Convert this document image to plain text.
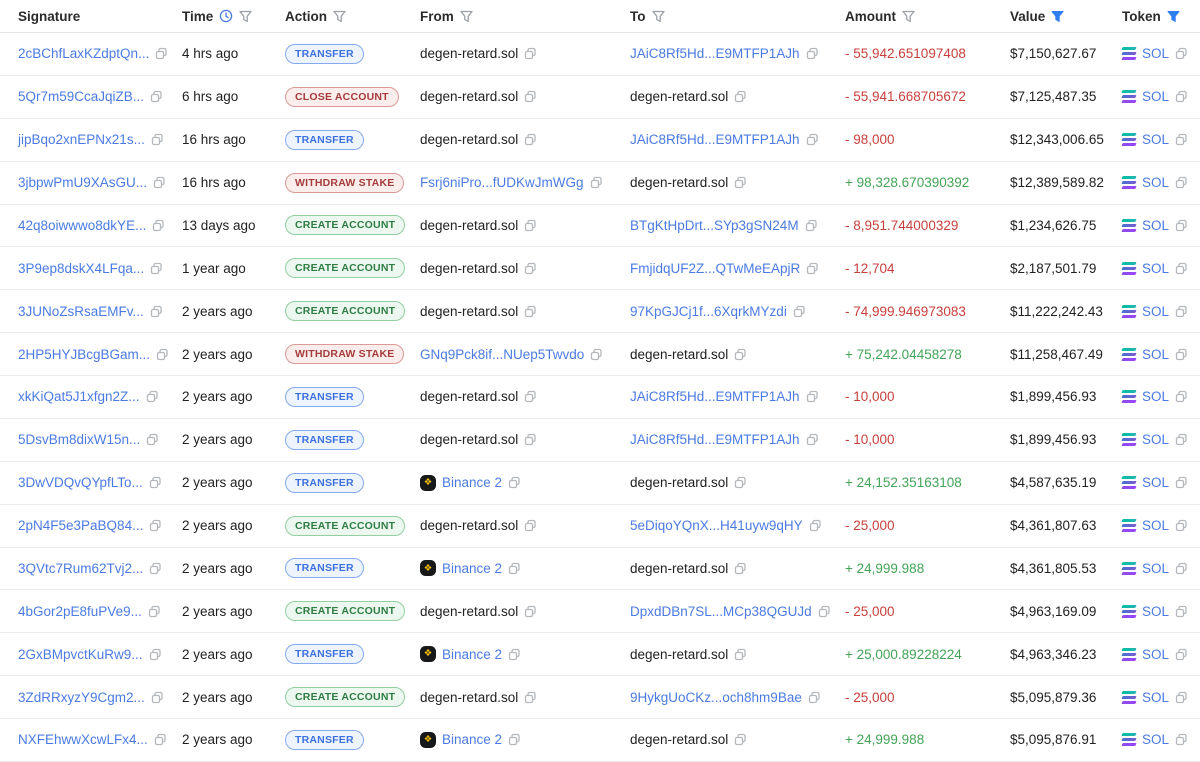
Signature	Time	Action	From	To	Amount	Value	Token
2cBChfLaxKZdptQn... 4 hrs ago	TRANSFER	degen-retard.sol	JAiC8Rf5Hd...E9MTFP1AJh	- 55,942.651097408	$7,150,627.67	SOL
5Qr7m59CcaJqiZB...	6 hrs ago	CLOSE ACCOUNT	degen-retard.sol	degen-retard.sol	- 55,941.668705672	$7,125,487.35	SOL
jipBqo2xnEPNx21s...	16 hrs ago	TRANSFER	degen-retard.sol	JAiC8Rf5Hd...E9MTFP1AJh	- 98,000	$12,343,006.65	SOL
3jbpwPmU9XAsGU...	16 hrs ago	WITHDRAW STAKE	Fsrj6niPro...fUDKwJmWGg	degen-retard.sol	+ 98,328.670390392	$12,389,589.82	SOL
42q8oiwwwo8dkYE...	13 days ago	CREATE ACCOUNT	degen-retard.sol	BTgKtHpDrt...SYp3gSN24M	- 8,951.744000329	$1,234,626.75	SOL
3P9ep8dskX4LFqa...	1 year ago	CREATE ACCOUNT	degen-retard.sol	FmjidqUF2Z...QTwMeEApjR	- 12,704	$2,187,501.79	SOL
3JUNoZsRsaEMFv...	2 years ago	CREATE ACCOUNT	degen-retard.sol	97KpGJCj1f...6XqrkMYzdi	- 74,999.946973083	$11,222,242.43	SOL
2HP5HYJBcgBGam... 2 years ago	WITHDRAW STAKE	GNq9Pck8if...NUep5Twvdo	degen-retard.sol	+ 75,242.04458278	$11,258,467.49	SOL
xkKiQat5J1xfgn2Z...	2 years ago	TRANSFER	degen-retard.sol	JAiC8Rf5Hd...E9MTFP1AJh	- 10,000	$1,899,456.93	SOL
5DsvBm8dixW15n...	2 years ago	TRANSFER	degen-retard.sol	JAiC8Rf5Hd...E9MTFP1AJh	- 10,000	$1,899,456.93	SOL
3DwVDQvQYpfLTo...	2 years ago	TRANSFER	❖ Binance 2	degen-retard.sol	+ 24,152.35163108	$4,587,635.19	SOL
2pN4F5e3PaBQ84...	2 years ago	CREATE ACCOUNT	degen-retard.sol	5eDiqoYQnX...H41uyw9qHY	- 25,000	$4,361,807.63	SOL
3QVtc7Rum62Tvj2...	2 years ago	TRANSFER	❖ Binance 2	degen-retard.sol	+ 24,999.988	$4,361,805.53	SOL
4bGor2pE8fuPVe9...	2 years ago	CREATE ACCOUNT	degen-retard.sol	DpxdDBn7SL...MCp38QGUJd - 25,000	$4,963,169.09	SOL
2GxBMpvctKuRw9...	2 years ago	TRANSFER	❖ Binance 2	degen-retard.sol	+ 25,000.89228224	$4,963,346.23	SOL
3ZdRRxyzY9Cgm2...	2 years ago	CREATE ACCOUNT	degen-retard.sol	9HykgUoCKz...och8hm9Bae	- 25,000	$5,095,879.36	SOL
NXFEhwwXcwLFx4...	2 years ago	TRANSFER	❖ Binance 2	degen-retard.sol	+ 24,999.988	$5,095,876.91	SOL
